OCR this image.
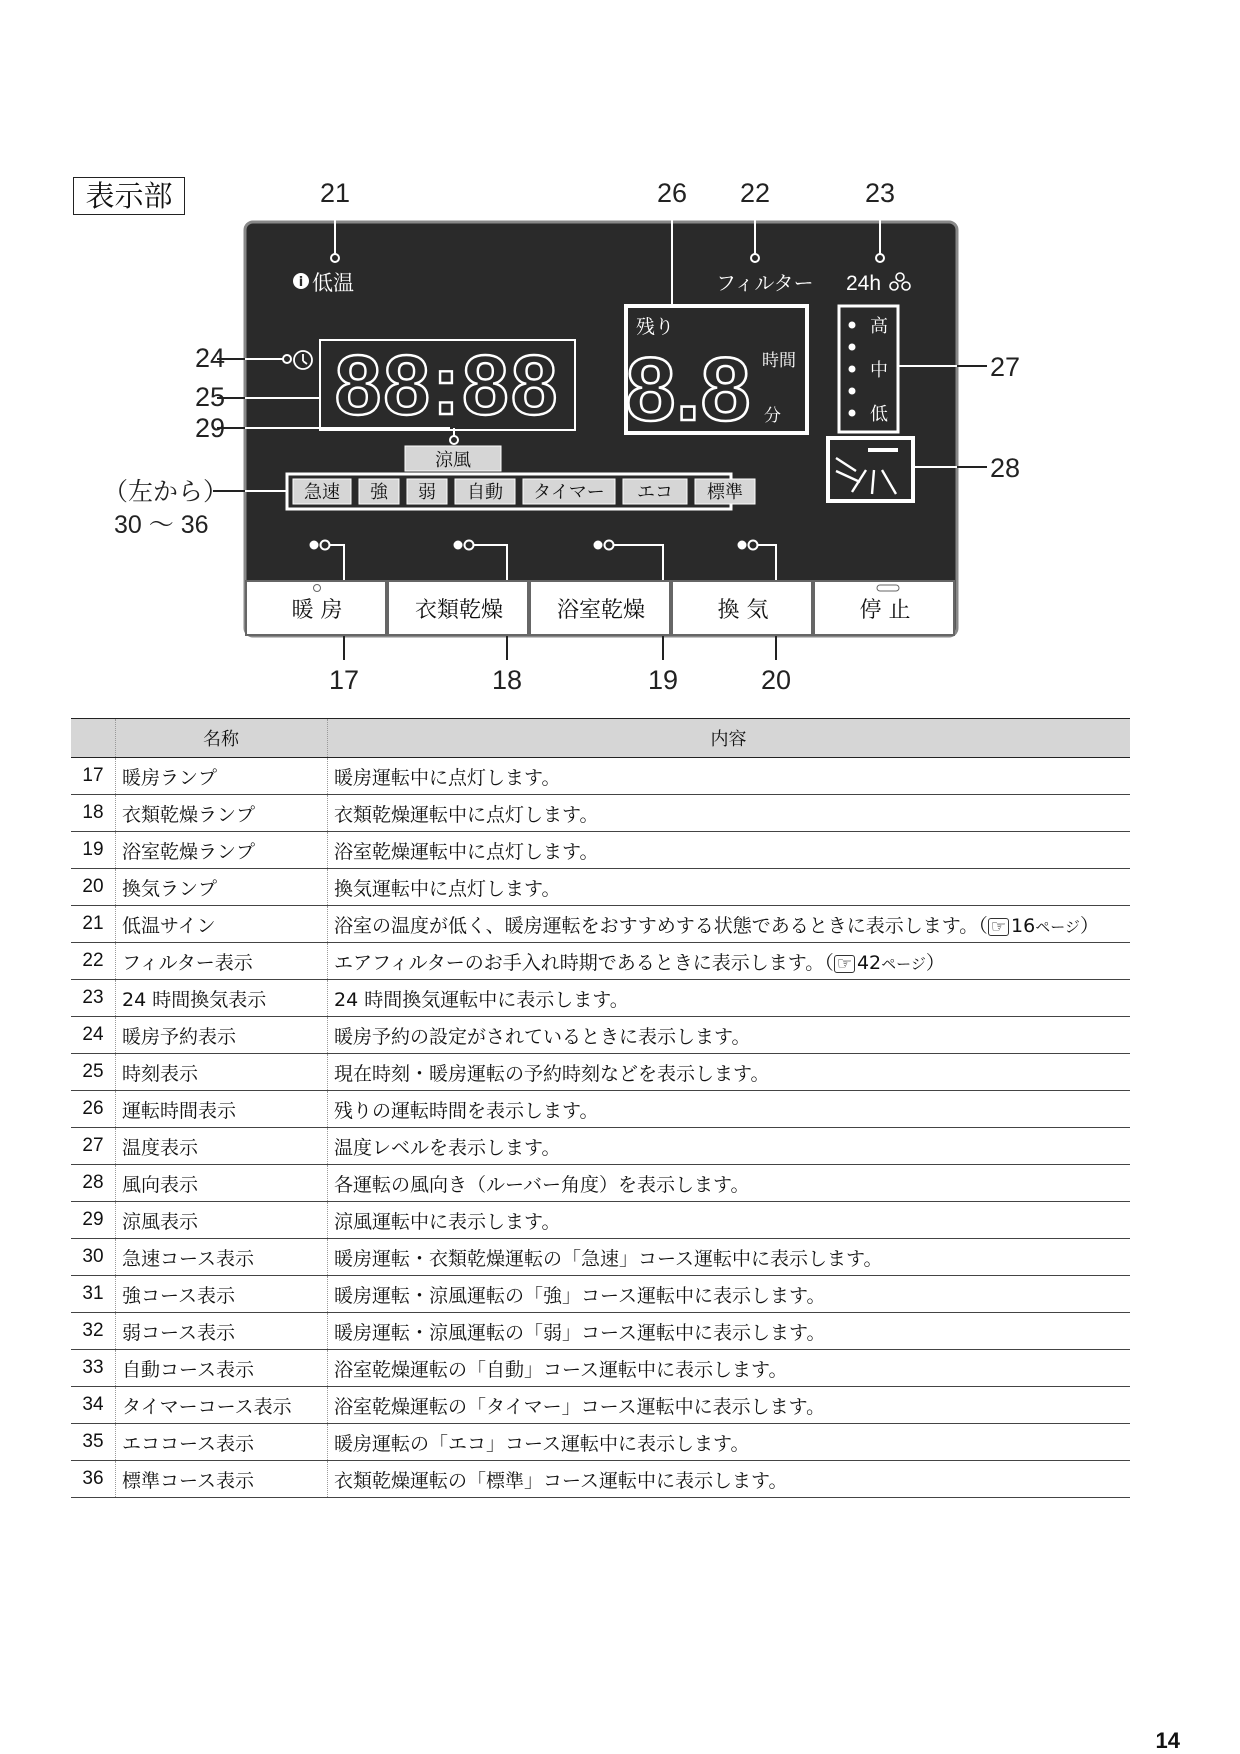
表示部	21	26 22	23
i 低温	フィルター 24h
24
25 88:88
29
涼風
残り
8.8 時間
分
高
中
低
27
28
（左から）
30 ～ 36
急速 強 弱 自動 タイマー エコ 標準
暖 房	衣類乾燥 浴室乾燥	換 気	停 止
17	18	19	20
	名称	内容
17	暖房ランプ	暖房運転中に点灯します。
18	衣類乾燥ランプ	衣類乾燥運転中に点灯します。
19	浴室乾燥ランプ	浴室乾燥運転中に点灯します。
20	換気ランプ	換気運転中に点灯します。
21	低温サイン	浴室の温度が低く、暖房運転をおすすめする状態であるときに表示します。（ ☞ 16ページ）
22	フィルター表示	エアフィルターのお手入れ時期であるときに表示します。（ ☞ 42ページ）
23	24 時間換気表示	24 時間換気運転中に表示します。
24	暖房予約表示	暖房予約の設定がされているときに表示します。
25	時刻表示	現在時刻・暖房運転の予約時刻などを表示します。
26	運転時間表示	残りの運転時間を表示します。
27	温度表示	温度レベルを表示します。
28	風向表示	各運転の風向き（ルーバー角度）を表示します。
29	涼風表示	涼風運転中に表示します。
30	急速コース表示	暖房運転・衣類乾燥運転の「急速」コース運転中に表示します。
31	強コース表示	暖房運転・涼風運転の「強」コース運転中に表示します。
32	弱コース表示	暖房運転・涼風運転の「弱」コース運転中に表示します。
33	自動コース表示	浴室乾燥運転の「自動」コース運転中に表示します。
34	タイマーコース表示	浴室乾燥運転の「タイマー」コース運転中に表示します。
35	エココース表示	暖房運転の「エコ」コース運転中に表示します。
36	標準コース表示	衣類乾燥運転の「標準」コース運転中に表示します。
14
